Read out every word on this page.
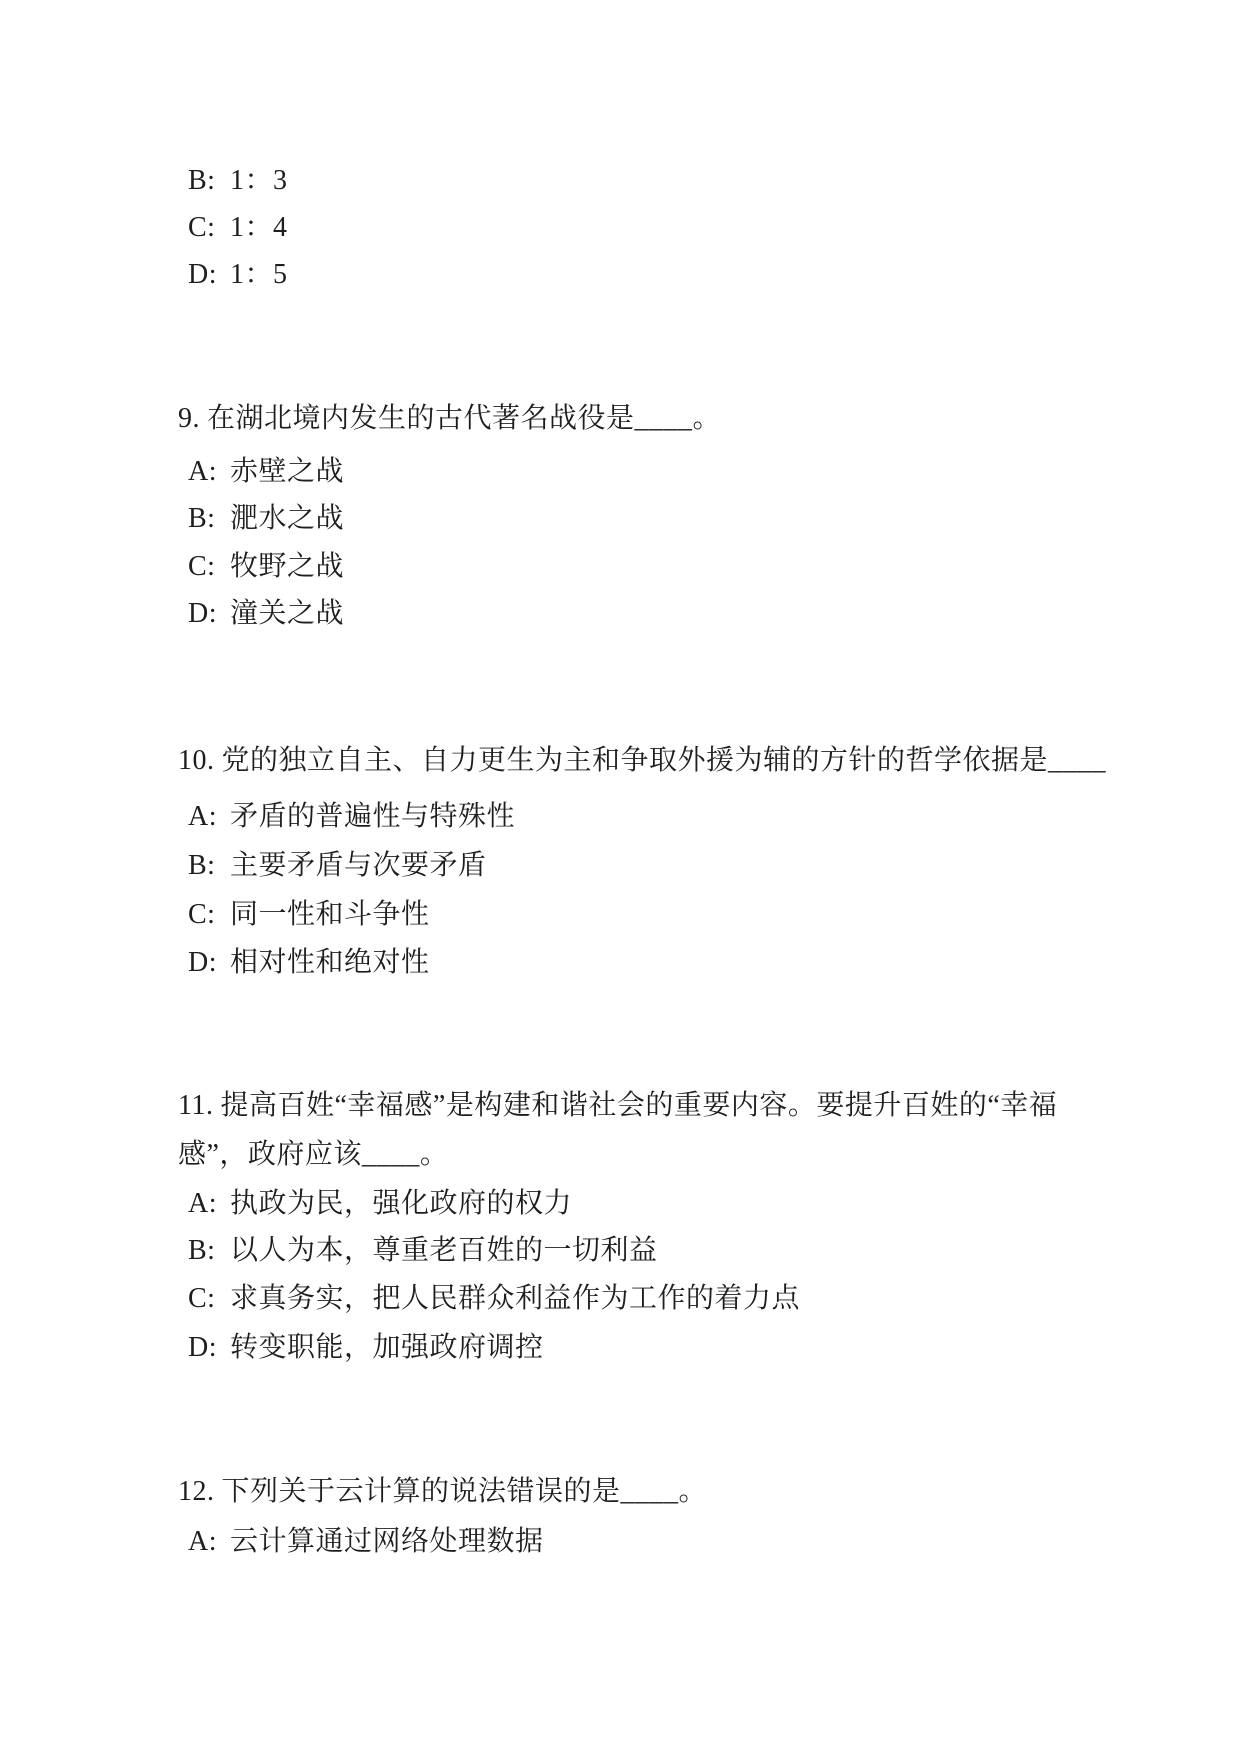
B: 1：3
C: 1：4
D: 1：5
9. 在湖北境内发生的古代著名战役是____。
A: 赤壁之战
B: 淝水之战
C: 牧野之战
D: 潼关之战
10. 党的独立自主、自力更生为主和争取外援为辅的方针的哲学依据是____
A: 矛盾的普遍性与特殊性
B: 主要矛盾与次要矛盾
C: 同一性和斗争性
D: 相对性和绝对性
11. 提高百姓“幸福感”是构建和谐社会的重要内容。要提升百姓的“幸福
感”，政府应该____。
A: 执政为民，强化政府的权力
B: 以人为本，尊重老百姓的一切利益
C: 求真务实，把人民群众利益作为工作的着力点
D: 转变职能，加强政府调控
12. 下列关于云计算的说法错误的是____。
A: 云计算通过网络处理数据
